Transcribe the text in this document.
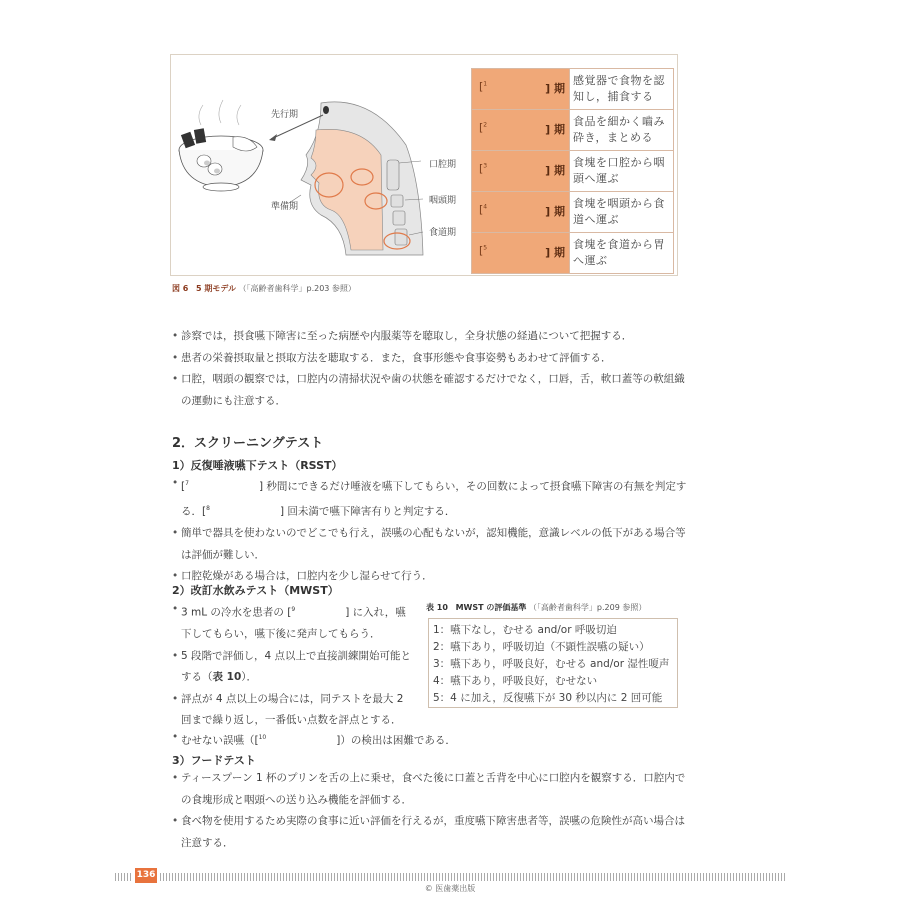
先行期
準備期
口腔期
咽頭期
食道期
[$^1$ ] 期	感覚器で食物を認知し，捕食する

[$^2$ ] 期	食品を細かく嚙み砕き，まとめる

[$^3$ ] 期	食塊を口腔から咽頭へ運ぶ

[$^4$ ] 期	食塊を咽頭から食道へ運ぶ

[$^5$ ] 期	食塊を食道から胃へ運ぶ
図 6 5 期モデル （「高齢者歯科学」p.203 参照）
• 診察では，摂食嚥下障害に至った病歴や内服薬等を聴取し，全身状態の経過について把握する．
• 患者の栄養摂取量と摂取方法を聴取する．また，食事形態や食事姿勢もあわせて評価する．
• 口腔，咽頭の観察では，口腔内の清掃状況や歯の状態を確認するだけでなく，口唇，舌，軟口蓋等の軟組織の運動にも注意する．
2．スクリーニングテスト
1）反復唾液嚥下テスト（RSST）
• [$^7$	] 秒間にできるだけ唾液を嚥下してもらい，その回数によって摂食嚥下障害の有無を判定する．[$^8$	] 回未満で嚥下障害有りと判定する．
• 簡単で器具を使わないのでどこでも行え，誤嚥の心配もないが，認知機能，意識レベルの低下がある場合等は評価が難しい．
• 口腔乾燥がある場合は，口腔内を少し湿らせて行う．
2）改訂水飲みテスト（MWST）
• 3 mL の冷水を患者の [$^9$	] に入れ，嚥下してもらい，嚥下後に発声してもらう．
• 5 段階で評価し，4 点以上で直接訓練開始可能とする（表 10）．
• 評点が 4 点以上の場合には，同テストを最大 2 回まで繰り返し，一番低い点数を評点とする．
• むせない誤嚥（[$^{10}$	]）の検出は困難である．
表 10 MWST の評価基準 （「高齢者歯科学」p.209 参照）
1：嚥下なし，むせる and/or 呼吸切迫
2：嚥下あり，呼吸切迫（不顕性誤嚥の疑い）
3：嚥下あり，呼吸良好，むせる and/or 湿性嗄声
4：嚥下あり，呼吸良好，むせない
5：4 に加え，反復嚥下が 30 秒以内に 2 回可能
3）フードテスト
• ティースプーン 1 杯のプリンを舌の上に乗せ，食べた後に口蓋と舌背を中心に口腔内を観察する．口腔内での食塊形成と咽頭への送り込み機能を評価する．
• 食べ物を使用するため実際の食事に近い評価を行えるが，重度嚥下障害患者等，誤嚥の危険性が高い場合は注意する．
136
© 医歯薬出版
